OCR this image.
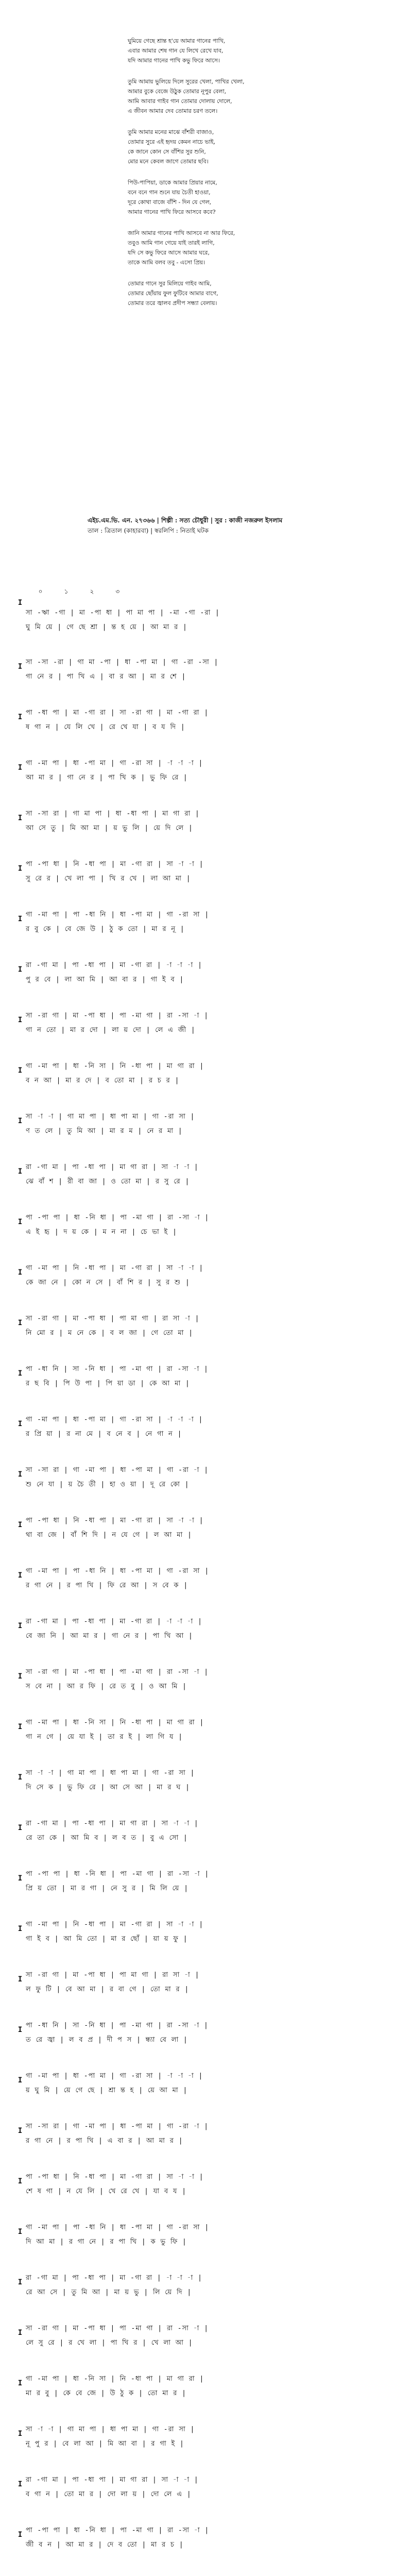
ঘুমিয়ে গেছে শ্রান্ত হ'য়ে আমার গানের পাখি,
এবার আমার শেষ গান যে লিখে রেখে যাব,
যদি আমার গানের পাখি কভু ফিরে আসে।
তুমি আমায় ভুলিয়ে দিলে সুরের খেলা, পাখির খেলা,
আমার বুকে বেজে উঠুক তোমার নূপুর বেলা,
আমি আবার গাইব গান তোমার দোলায় দোলে,
এ জীবন আমার দেব তোমার চরণ তলে।
তুমি আমার মনের মাঝে বাঁশরী বাজাও,
তোমার সুরে এই হৃদয় কেমন নাচে ভাই,
কে জানে কোন সে বাঁশির সুর শুনি,
মোর মনে কেবল জাগে তোমার ছবি।
পিউ-পাপিয়া, ডাকে আমার প্রিয়ার নামে,
বনে বনে গান শুনে যায় চৈতী হাওয়া,
দূরে কোথা বাজে বাঁশি - দিন যে গেল,
আমার গানের পাখি ফিরে আসবে কবে?
জানি আমার গানের পাখি আসবে না আর ফিরে,
তবুও আমি গান গেয়ে যাই তারই লাগি,
যদি সে কভু ফিরে আসে আমার ঘরে,
তাকে আমি বলব তবু - এসো প্রিয়।
তোমার গানে সুর মিলিয়ে গাইব আমি,
তোমার ছোঁয়ায় ফুল ফুটিবে আমার বাগে,
তোমার তরে জ্বালব প্রদীপ সন্ধ্যা বেলায়।
এইচ.এম.ভি. এন. ২৭৩৬৬ | শিল্পী : সত্য চৌধুরী | সুর : কাজী নজরুল ইসলাম
তাল : ত্রিতাল (কাহারবা) | স্বরলিপি : নিতাই ঘটক
০     ১     ২     ৩
I
সা -ঋা -গা | মা -পা ধা | পা মা পা | -মা -গা -রা |
ঘু মি য়ে | গে ছে শ্রা | ন্ত হ য়ে | আ মা র |
I
সা -সা -রা | গা মা -পা | ধা -পা মা | গা -রা -সা |
গা নে র | পা খি এ | বা র আ | মা র শে |
I
পা -ধা পা | মা -গা রা | সা -রা গা | মা -গা রা |
ষ গা ন | যে লি খে | রে খে যা | ব য দি |
I
গা -মা পা | ধা -পা মা | গা -রা সা | -া -া -া |
আ মা র | গা নে র | পা খি ক | ভু ফি রে |
I
সা -সা রা | গা মা পা | ধা -ধা পা | মা গা রা |
আ সে তু | মি আ মা | য় ভু লি | য়ে দি লে |
I
পা -পা ধা | নি -ধা পা | মা -গা রা | সা -া -া |
সু রে র | খে লা পা | খি র খে | লা আ মা |
I
গা -মা পা | পা -ধা নি | ধা -পা মা | গা -রা সা |
র বু কে | বে জে উ | ঠু ক তো | মা র নূ |
I
রা -গা মা | পা -ধা পা | মা -গা রা | -া -া -া |
পু র বে | লা আ মি | আ বা র | গা ই ব |
I
সা -রা গা | মা -পা ধা | পা -মা গা | রা -সা -া |
গা ন তো | মা র দো | লা য় দো | লে এ জী |
I
গা -মা পা | ধা -নি সা | নি -ধা পা | মা গা রা |
ব ন আ | মা র দে | ব তো মা | র চ র |
I
সা -া -া | গা মা পা | ধা পা মা | গা -রা সা |
ণ ত লে | তু মি আ | মা র ম | নে র মা |
I
রা -গা মা | পা -ধা পা | মা গা রা | সা -া -া |
ঝে বাঁ শ | রী বা জা | ও তো মা | র সু রে |
I
পা -পা পা | ধা -নি ধা | পা -মা গা | রা -সা -া |
এ ই হৃ | দ য় কে | ম ন না | চে ভা ই |
I
গা -মা পা | নি -ধা পা | মা -গা রা | সা -া -া |
কে জা নে | কো ন সে | বাঁ শি র | সু র শু |
I
সা -রা গা | মা -পা ধা | পা মা গা | রা সা -া |
নি মো র | ম নে কে | ব ল জা | গে তো মা |
I
পা -ধা নি | সা -নি ধা | পা -মা গা | রা -সা -া |
র ছ বি | পি উ পা | পি য়া ডা | কে আ মা |
I
গা -মা পা | ধা -পা মা | গা -রা সা | -া -া -া |
র প্রি য়া | র না মে | ব নে ব | নে গা ন |
I
সা -সা রা | গা -মা পা | ধা -পা মা | গা -রা -া |
শু নে যা | য় চৈ তী | হা ও য়া | দূ রে কো |
I
পা -পা ধা | নি -ধা পা | মা -গা রা | সা -া -া |
থা বা জে | বাঁ শি দি | ন যে গে | ল আ মা |
I
গা -মা পা | পা -ধা নি | ধা -পা মা | গা -রা সা |
র গা নে | র পা খি | ফি রে আ | স বে ক |
I
রা -গা মা | পা -ধা পা | মা -গা রা | -া -া -া |
বে জা নি | আ মা র | গা নে র | পা খি আ |
I
সা -রা গা | মা -পা ধা | পা -মা গা | রা -সা -া |
স বে না | আ র ফি | রে ত বু | ও আ মি |
I
গা -মা পা | ধা -নি সা | নি -ধা পা | মা গা রা |
গা ন গে | য়ে যা ই | তা র ই | লা গি য |
I
সা -া -া | গা মা পা | ধা পা মা | গা -রা সা |
দি সে ক | ভু ফি রে | আ সে আ | মা র ঘ |
I
রা -গা মা | পা -ধা পা | মা গা রা | সা -া -া |
রে তা কে | আ মি ব | ল ব ত | বু এ সো |
I
পা -পা পা | ধা -নি ধা | পা -মা গা | রা -সা -া |
প্রি য় তো | মা র গা | নে সু র | মি লি য়ে |
I
গা -মা পা | নি -ধা পা | মা -গা রা | সা -া -া |
গা ই ব | আ মি তো | মা র ছোঁ | য়া য় ফু |
I
সা -রা গা | মা -পা ধা | পা মা গা | রা সা -া |
ল ফু টি | বে আ মা | র বা গে | তো মা র |
I
পা -ধা নি | সা -নি ধা | পা -মা গা | রা -সা -া |
ত রে জ্বা | ল ব প্র | দী প স | ন্ধ্যা বে লা |
I
গা -মা পা | ধা -পা মা | গা -রা সা | -া -া -া |
য় ঘু মি | য়ে গে ছে | শ্রা ন্ত হ | য়ে আ মা |
I
সা -সা রা | গা -মা পা | ধা -পা মা | গা -রা -া |
র গা নে | র পা খি | এ বা র | আ মা র |
I
পা -পা ধা | নি -ধা পা | মা -গা রা | সা -া -া |
শে ষ গা | ন যে লি | খে রে খে | যা ব য |
I
গা -মা পা | পা -ধা নি | ধা -পা মা | গা -রা সা |
দি আ মা | র গা নে | র পা খি | ক ভু ফি |
I
রা -গা মা | পা -ধা পা | মা -গা রা | -া -া -া |
রে আ সে | তু মি আ | মা য় ভু | লি য়ে দি |
I
সা -রা গা | মা -পা ধা | পা -মা গা | রা -সা -া |
লে সু রে | র খে লা | পা খি র | খে লা আ |
I
গা -মা পা | ধা -নি সা | নি -ধা পা | মা গা রা |
মা র বু | কে বে জে | উ ঠু ক | তো মা র |
I
সা -া -া | গা মা পা | ধা পা মা | গা -রা সা |
নূ পু র | বে লা আ | মি আ বা | র গা ই |
I
রা -গা মা | পা -ধা পা | মা গা রা | সা -া -া |
ব গা ন | তো মা র | দো লা য় | দো লে এ |
I
পা -পা পা | ধা -নি ধা | পা -মা গা | রা -সা -া |
জী ব ন | আ মা র | দে ব তো | মা র চ |
